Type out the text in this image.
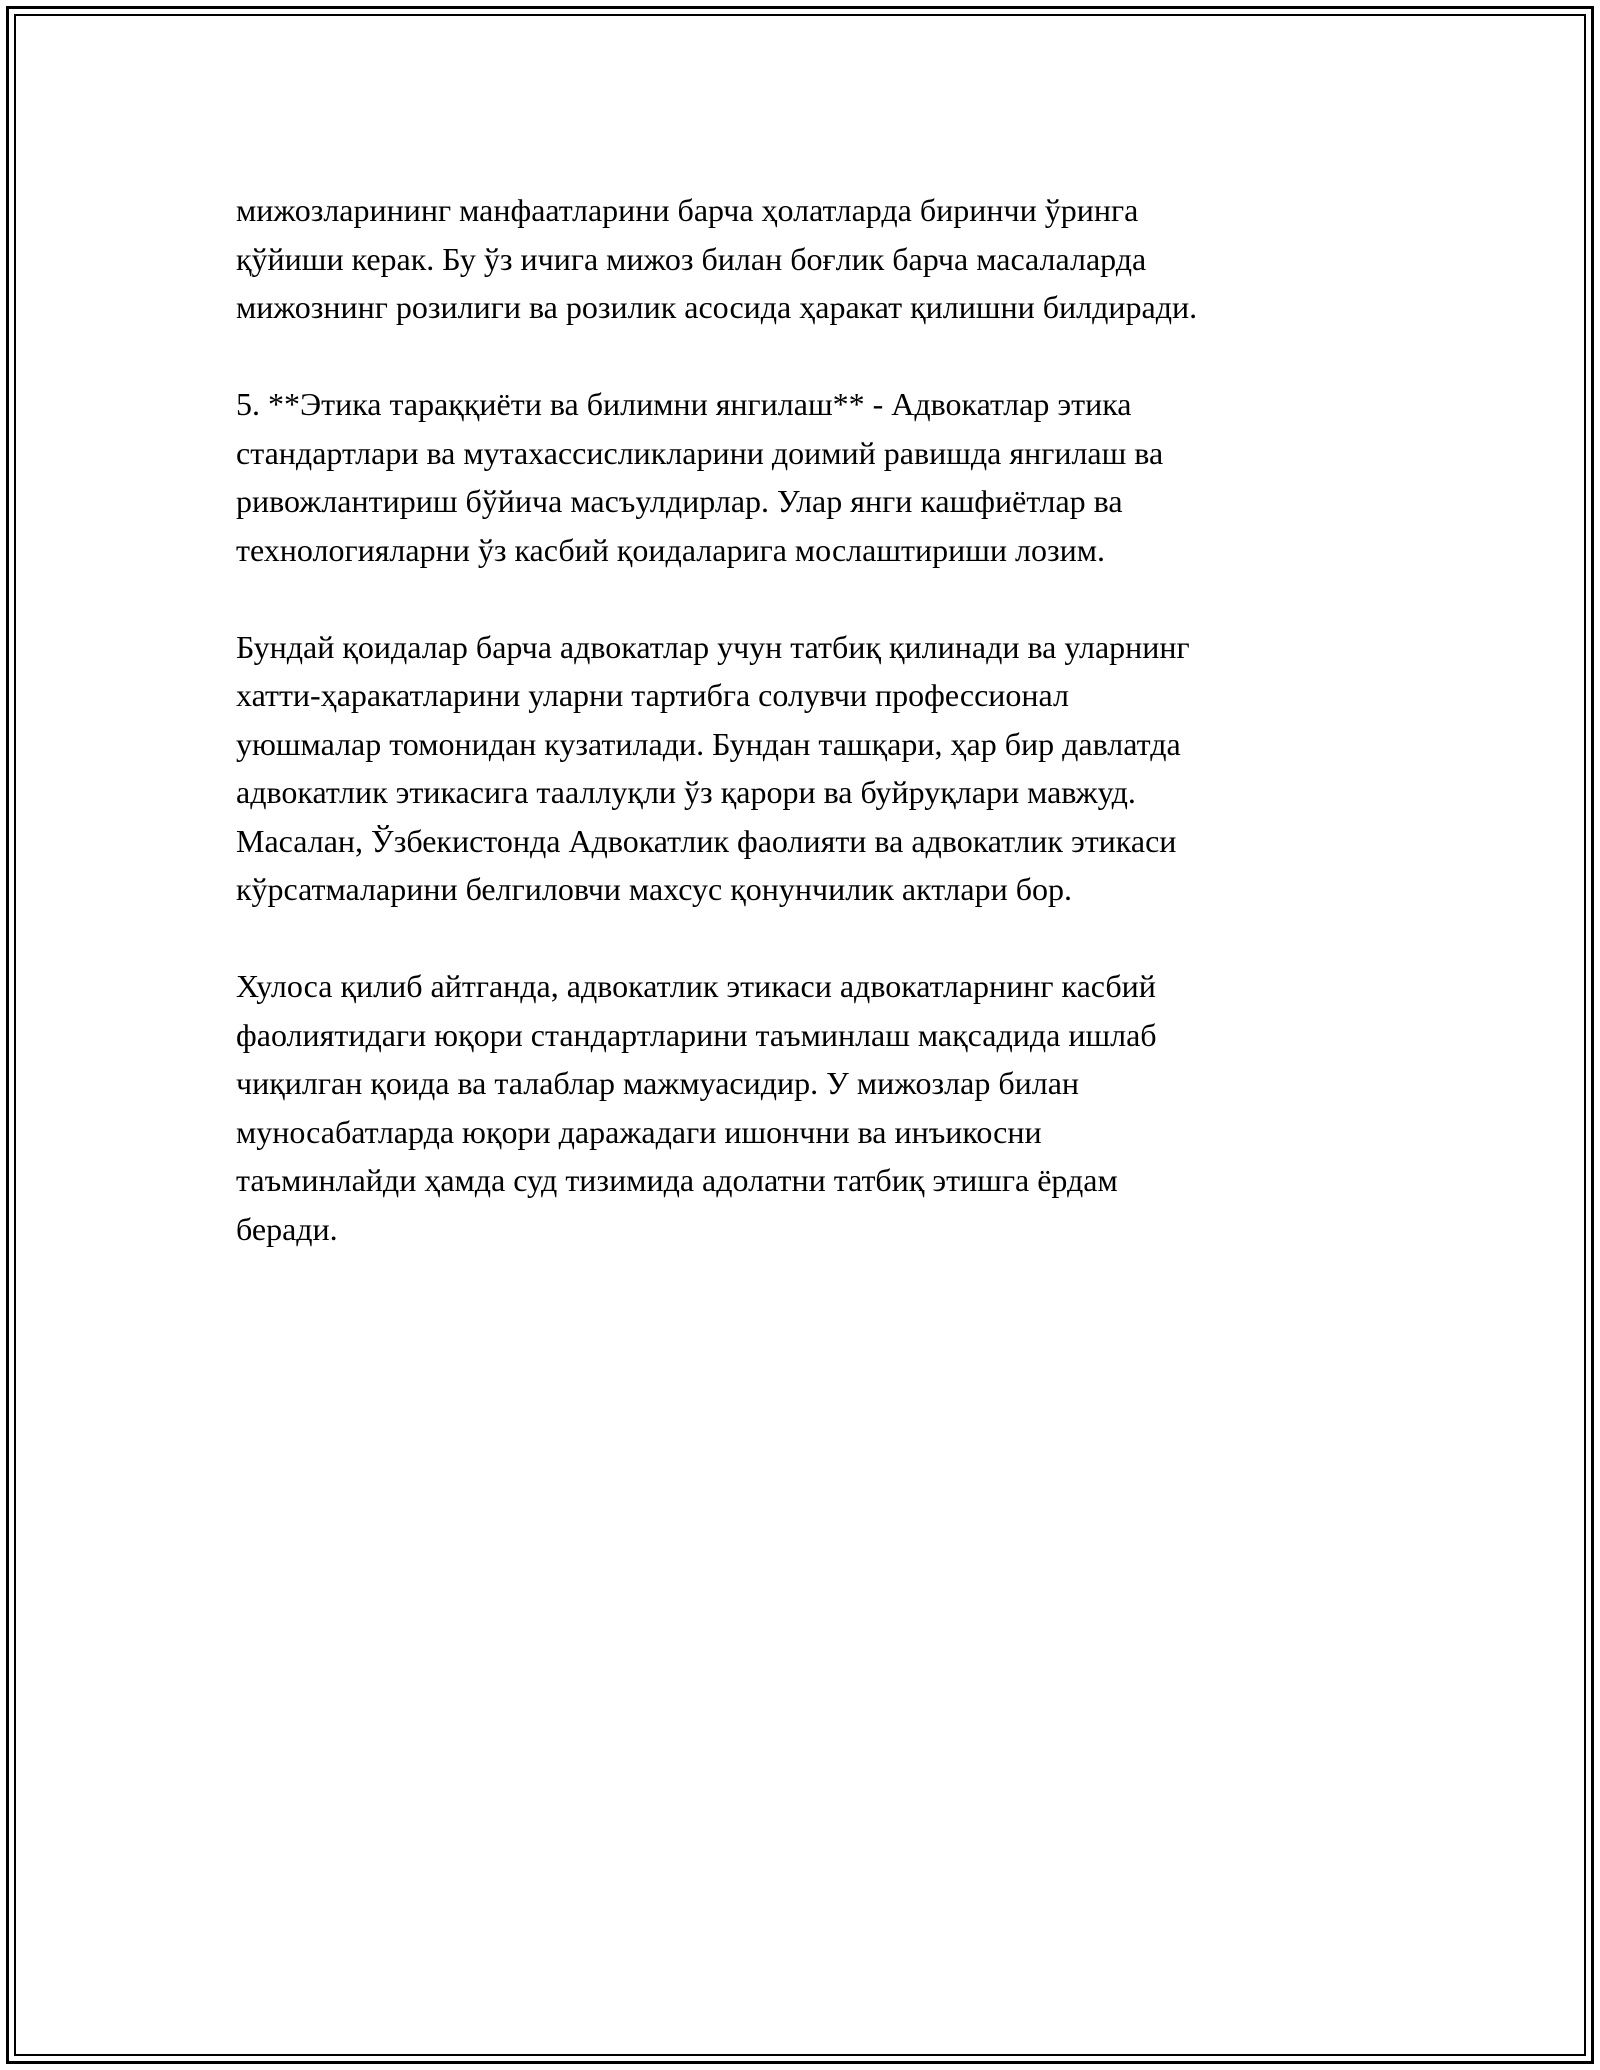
мижозларининг манфаатларини барча ҳолатларда биринчи ўринга
қўйиши керак. Бу ўз ичига мижоз билан боғлик барча масалаларда
мижознинг розилиги ва розилик асосида ҳаракат қилишни билдиради.

5. **Этика тараққиёти ва билимни янгилаш** - Адвокатлар этика
стандартлари ва мутахассисликларини доимий равишда янгилаш ва
ривожлантириш бўйича масъулдирлар. Улар янги кашфиётлар ва
технологияларни ўз касбий қоидаларига мослаштириши лозим.

Бундай қоидалар барча адвокатлар учун татбиқ қилинади ва уларнинг
хатти-ҳаракатларини уларни тартибга солувчи профессионал
уюшмалар томонидан кузатилади. Бундан ташқари, ҳар бир давлатда
адвокатлик этикасига тааллуқли ўз қарори ва буйруқлари мавжуд.
Масалан, Ўзбекистонда Адвокатлик фаолияти ва адвокатлик этикаси
кўрсатмаларини белгиловчи махсус қонунчилик актлари бор.

Хулоса қилиб айтганда, адвокатлик этикаси адвокатларнинг касбий
фаолиятидаги юқори стандартларини таъминлаш мақсадида ишлаб
чиқилган қоида ва талаблар мажмуасидир. У мижозлар билан
муносабатларда юқори даражадаги ишончни ва инъикосни
таъминлайди ҳамда суд тизимида адолатни татбиқ этишга ёрдам
беради.
